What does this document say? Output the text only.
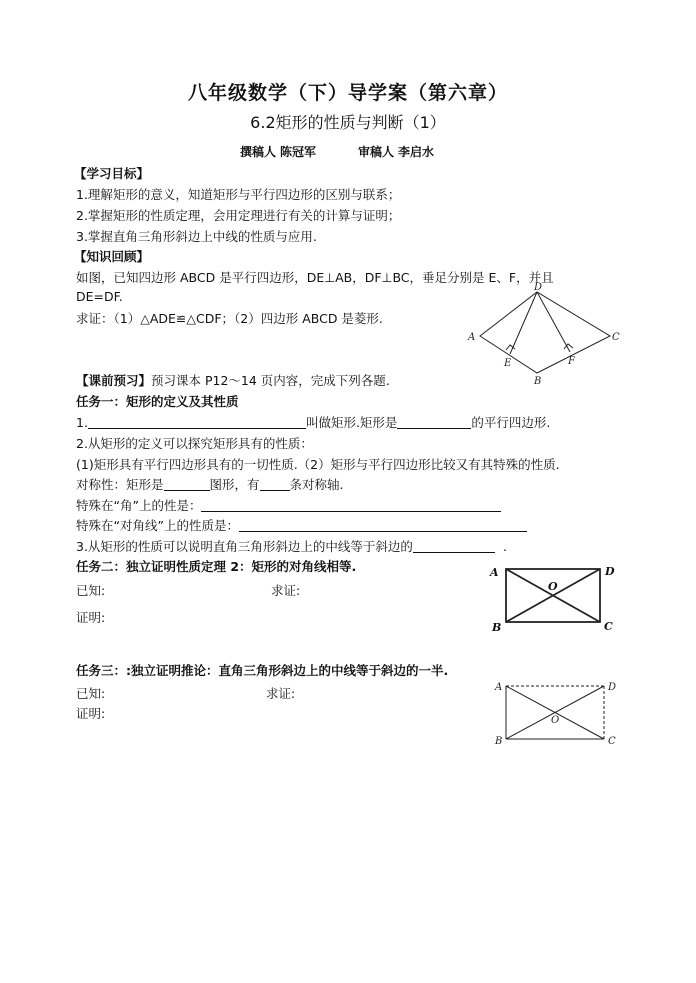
八年级数学（下）导学案（第六章）
6.2矩形的性质与判断（1）
撰稿人 陈冠军	审稿人 李启水
【学习目标】
1.理解矩形的意义，知道矩形与平行四边形的区别与联系；
2.掌握矩形的性质定理，会用定理进行有关的计算与证明；
3.掌握直角三角形斜边上中线的性质与应用.
【知识回顾】
如图，已知四边形 ABCD 是平行四边形，DE⊥AB，DF⊥BC，垂足分别是 E、F，并且
DE=DF.
求证：（1）△ADE≌△CDF；（2）四边形 ABCD 是菱形.
A
D
C
B
E	F
【课前预习】预习课本 P12～14 页内容，完成下列各题.
任务一：矩形的定义及其性质
1.	叫做矩形.矩形是	的平行四边形.
2.从矩形的定义可以探究矩形具有的性质：
(1)矩形具有平行四边形具有的一切性质.（2）矩形与平行四边形比较又有其特殊的性质.
对称性：矩形是	图形，有 条对称轴.
特殊在“角”上的性是：
特殊在“对角线”上的性质是：
3.从矩形的性质可以说明直角三角形斜边上的中线等于斜边的	.
任务二：独立证明性质定理 2：矩形的对角线相等.
已知:	求证:
证明:
A	D
B	C
O
任务三：:独立证明推论：直角三角形斜边上的中线等于斜边的一半.
已知:	求证:
证明:
A	D
B	C
O
